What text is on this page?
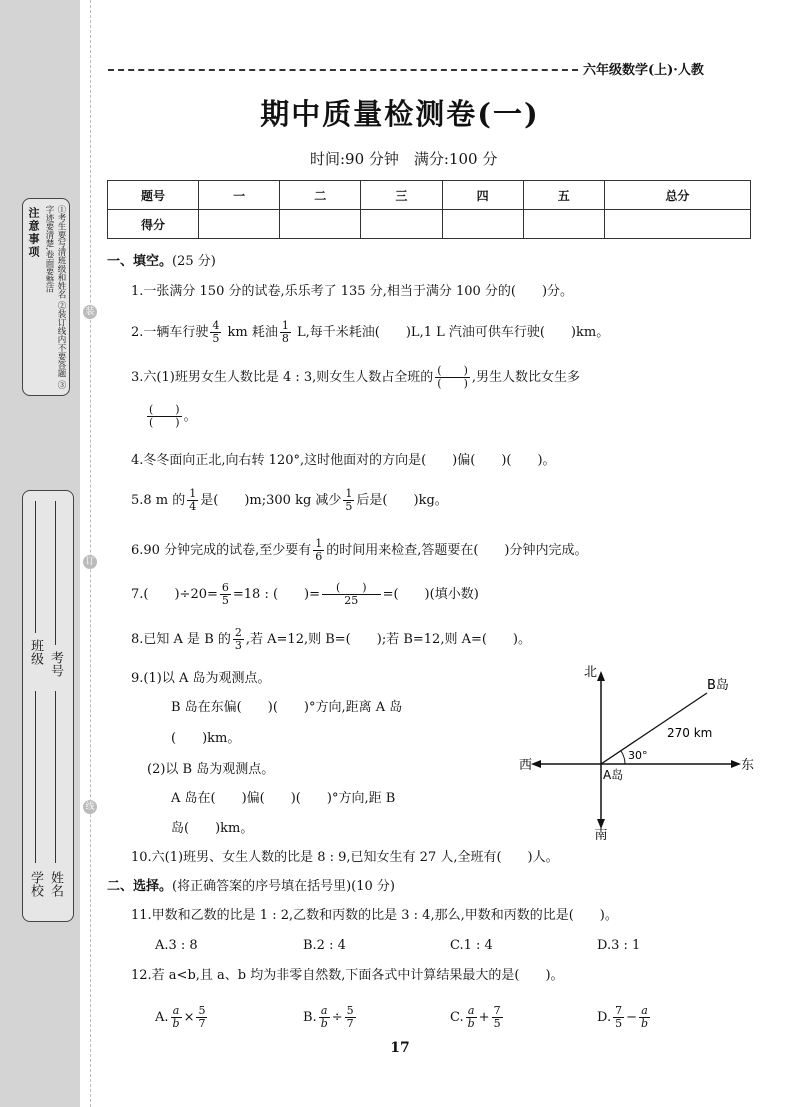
注意事项	①考生要写清班级和姓名 ②装订线内不要答题 ③字迹要清楚,卷面要整洁
班级 考号
学校 姓名
装
订
线
六年级数学(上)·人教
期中质量检测卷(一)
时间:90 分钟　满分:100 分
题号	一	二	三	四	五	总分
得分						
一、填空。(25 分)
1.一张满分 150 分的试卷,乐乐考了 135 分,相当于满分 100 分的(　　)分。
2.一辆车行驶 $\frac{4}{5}$ km 耗油 $\frac{1}{8} L$,每千米耗油(　　)L,1 L 汽油可供车行驶(　　)km。
3.六(1)班男女生人数比是 4 : 3,则女生人数占全班的 $\frac{( )}{( )}$ ,男生人数比女生多
$\frac{( )}{( )}$ 。
4.冬冬面向正北,向右转 120°,这时他面对的方向是(　　)偏(　　)(　　)。
5.8 m 的 $\frac{1}{4}$ 是(　　)m;300 kg 减少 $\frac{1}{5}$ 后是(　　)kg。
6.90 分钟完成的试卷,至少要有 $\frac{1}{6}$ 的时间用来检查,答题要在(　　)分钟内完成。
7.(　　)$\div 20= \frac{6}{5} =18$ : (　　)= $\frac{( )}{25}$ =(　　)(填小数)
8.已知 A 是 B 的 $\frac{2}{3}$ ,若 A=12,则 B=(　　);若 B=12,则 A=(　　)。
9.(1)以 A 岛为观测点。
B 岛在东偏(　　)(　　)°方向,距离 A 岛
(　　)km。
(2)以 B 岛为观测点。
A 岛在(　　)偏(　　)(　　)°方向,距 B
岛(　　)km。
北
南
西	东
B岛
A岛
270 km
30°
10.六(1)班男、女生人数的比是 8 : 9,已知女生有 27 人,全班有(　　)人。
二、选择。(将正确答案的序号填在括号里)(10 分)
11.甲数和乙数的比是 1 : 2,乙数和丙数的比是 3 : 4,那么,甲数和丙数的比是(　　)。
A.3 : 8	B.2 : 4	C.1 : 4	D.3 : 1
12.若 a<b,且 a、b 均为非零自然数,下面各式中计算结果最大的是(　　)。
A. $\frac{a}{b} \times \frac{5}{7}$	B. $\frac{a}{b} \div \frac{5}{7}$	C. $\frac{a}{b} + \frac{7}{5}$	D. $\frac{7}{5} - \frac{a}{b}$
17
